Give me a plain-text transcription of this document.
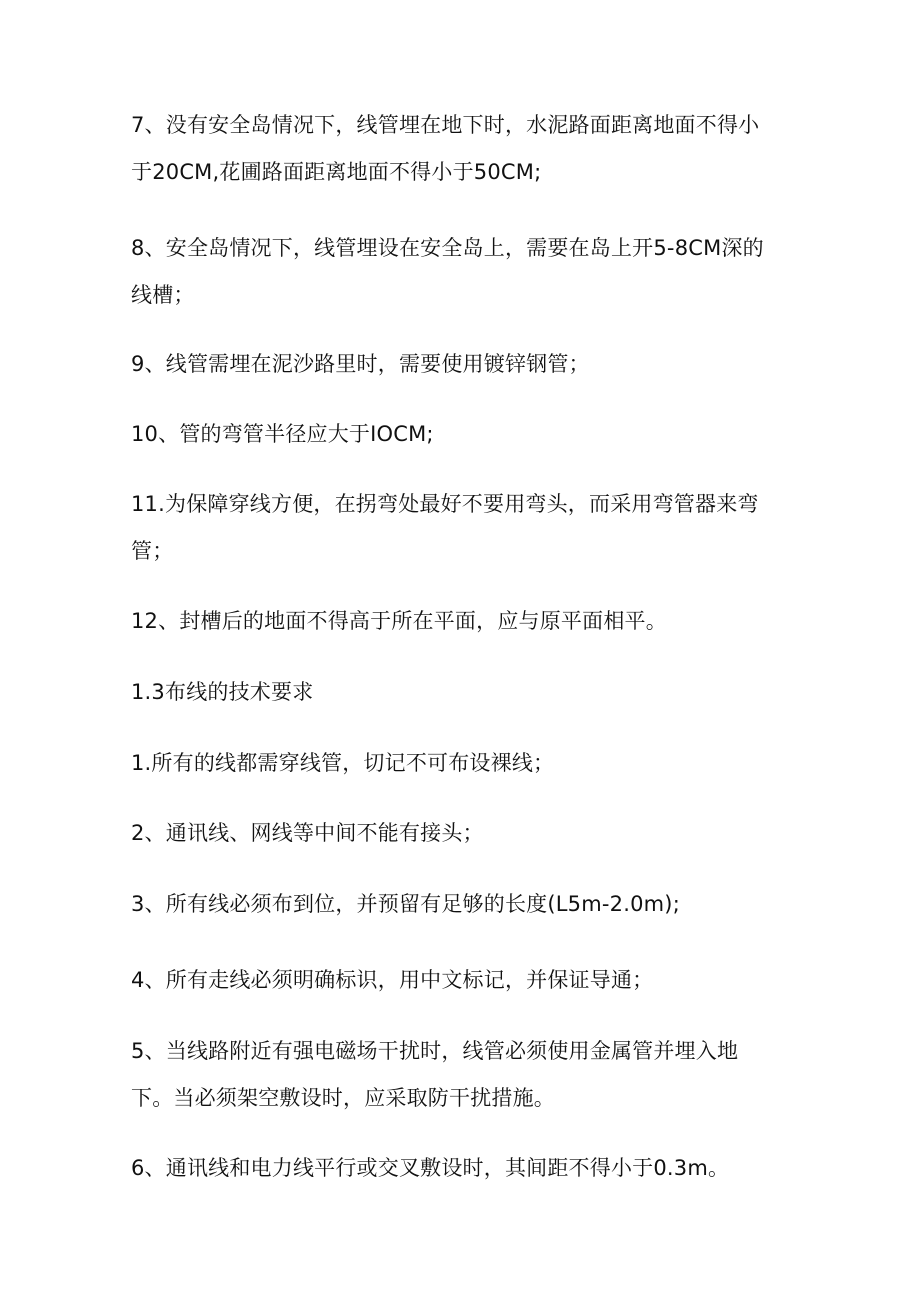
7、没有安全岛情况下，线管埋在地下时，水泥路面距离地面不得小
于20CM,花圃路面距离地面不得小于50CM;
8、安全岛情况下，线管埋设在安全岛上，需要在岛上开5-8CM深的
线槽；
9、线管需埋在泥沙路里时，需要使用镀锌钢管；
10、管的弯管半径应大于IOCM;
11.为保障穿线方便，在拐弯处最好不要用弯头，而采用弯管器来弯
管；
12、封槽后的地面不得高于所在平面，应与原平面相平。
1.3布线的技术要求
1.所有的线都需穿线管，切记不可布设裸线；
2、通讯线、网线等中间不能有接头；
3、所有线必须布到位，并预留有足够的长度(L5m-2.0m);
4、所有走线必须明确标识，用中文标记，并保证导通；
5、当线路附近有强电磁场干扰时，线管必须使用金属管并埋入地
下。当必须架空敷设时，应采取防干扰措施。
6、通讯线和电力线平行或交叉敷设时，其间距不得小于0.3m。
